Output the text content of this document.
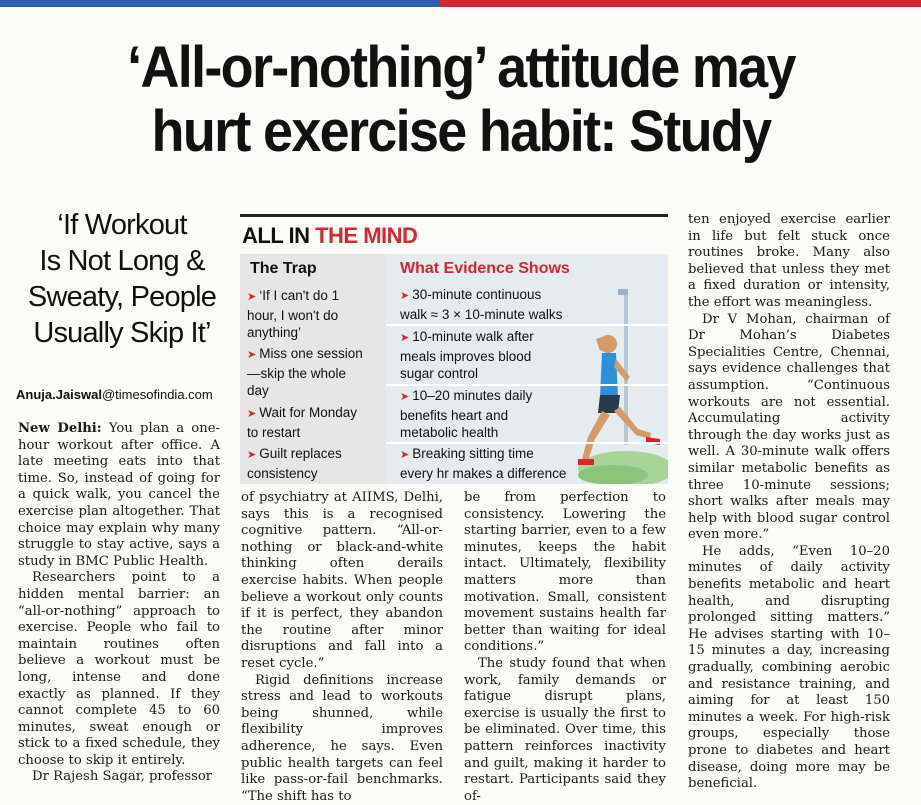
‘All-or-nothing’ attitude may
hurt exercise habit: Study
‘If Workout
Is Not Long &
Sweaty, People
Usually Skip It’
Anuja.Jaiswal@timesofindia.com

New Delhi: You plan a one-hour workout after office. A late meeting eats into that time. So, instead of going for a quick walk, you cancel the exercise plan altogether. That choice may explain why many struggle to stay active, says a study in BMC Public Health.

Researchers point to a hidden mental barrier: an “all-or-nothing” approach to exercise. People who fail to maintain routines often believe a workout must be long, intense and done exactly as planned. If they cannot complete 45 to 60 minutes, sweat enough or stick to a fixed schedule, they choose to skip it entirely.

Dr Rajesh Sagar, professor

of psychiatry at AIIMS, Delhi, says this is a recognised cognitive pattern. “All-or-nothing or black-and-white thinking often derails exercise habits. When people believe a workout only counts if it is perfect, they abandon the routine after minor disruptions and fall into a reset cycle.”

Rigid definitions increase stress and lead to workouts being shunned, while flexibility improves adherence, he says. Even public health targets can feel like pass-or-fail benchmarks. “The shift has to

be from perfection to consistency. Lowering the starting barrier, even to a few minutes, keeps the habit intact. Ultimately, flexibility matters more than motivation. Small, consistent movement sustains health far better than waiting for ideal conditions.”

The study found that when work, family demands or fatigue disrupt plans, exercise is usually the first to be eliminated. Over time, this pattern reinforces inactivity and guilt, making it harder to restart. Participants said they of-

ten enjoyed exercise earlier in life but felt stuck once routines broke. Many also believed that unless they met a fixed duration or intensity, the effort was meaningless.

Dr V Mohan, chairman of Dr Mohan’s Diabetes Specialities Centre, Chennai, says evidence challenges that assumption. “Continuous workouts are not essential. Accumulating activity through the day works just as well. A 30-minute walk offers similar metabolic benefits as three 10-minute sessions; short walks after meals may help with blood sugar control even more.”

He adds, “Even 10–20 minutes of daily activity benefits metabolic and heart health, and disrupting prolonged sitting matters.” He advises starting with 10–15 minutes a day, increasing gradually, combining aerobic and resistance training, and aiming for at least 150 minutes a week. For high-risk groups, especially those prone to diabetes and heart disease, doing more may be beneficial.

ALL IN THE MIND
The Trap
➤ ‘If I can't do 1
hour, I won't do
anything’
➤ Miss one session
—skip the whole
day
➤ Wait for Monday
to restart
➤ Guilt replaces
consistency
What Evidence Shows
➤ 30-minute continuous
walk ≈ 3 × 10-minute walks
➤ 10-minute walk after
meals improves blood
sugar control
➤ 10–20 minutes daily
benefits heart and
metabolic health
➤ Breaking sitting time
every hr makes a difference
